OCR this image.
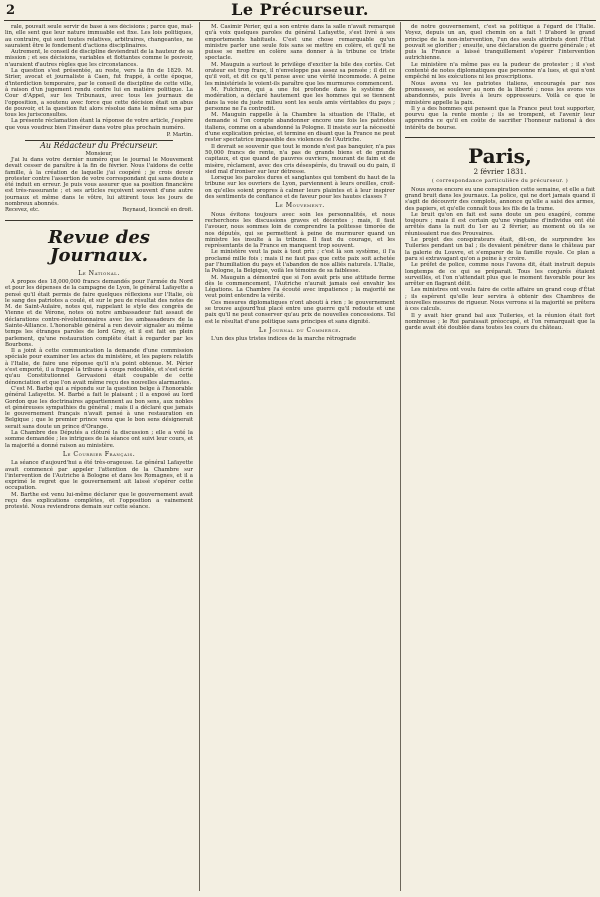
2	Le Précurseur.

rale, pouvait seule servir de base à ses décisions ; parce que, mal-lin, elle sent que leur nature immuable est fixe. Les lois politiques, au contraire, qui sont toutes relatives, arbitraires, changeantes, ne sauraient être le fondement d'actions disciplinaires.

Autrement, le conseil de discipline deviendrait de la hauteur de sa mission ; et ses décisions, variables et flottantes comme le pouvoir, n'auraient d'autres règles que les circonstances.

La question s'est présentée, au reste, vers la fin de 1829. M. Sirier, avocat et journaliste à Caen, fut frappé, à cette époque, d'interdiction temporaire, par le conseil de discipline de cette ville, à raison d'un jugement rendu contre lui en matière politique. La Cour d'Appel, sur les Tribunaux, avec tous les journaux de l'opposition, a soutenu avec force que cette décision était un abus de pouvoir, et la question fut alors résolue dans le même sens par tous les jurisconsultes.

La présente réclamation étant la réponse de votre article, j'espère que vous voudrez bien l'insérer dans votre plus prochain numéro.

P. Martin.
Au Rédacteur du Précurseur.

Monsieur,

J'ai lu dans votre dernier numéro que le journal le Mouvement devait cesser de paraître à la fin de février. Nous l'aidons de cette famille, à la création de laquelle j'ai coopéré ; je crois devoir protester contre l'assertion de votre correspondant qui sans doute a été induit en erreur. Je puis vous assurer que sa position financière est très-rassurante ; et ses articles reçoivent souvent d'une autre journaux et même dans le vôtre, lui attirent tous les jours de nombreux abonnés.

Recevez, etc.	Reynaud, licencié en droit.
Revue des Journaux.
Le National.

A propos des 18,000,000 francs demandés pour l'armée du Nord et pour les dépenses de la campagne de Lyon, le général Lafayette a pensé qu'il était permis de faire quelques réflexions sur l'Italie, où le sang des patriotes a coulé, et sur le peu de résultat des notes de M. de Saint-Aulaire, notes qui, rappelant le style des congrès de Vienne et de Vérone, notes où notre ambassadeur fait assaut de déclarations contre-révolutionnaires avec les ambassadeurs de la Sainte-Alliance. L'honorable général a ren devoir signaler au même temps les étranges paroles de lord Grey, et il est fait en plein parlement, qu'une restauration complète était à regarder par les Bourbons.

Il a joint à cette communication la demande d'une commission spéciale pour examiner les actes du ministère, et les papiers relatifs à l'Italie, de faire une réponse qu'il n'a point obtenue. M. Périer s'est emporté, il a frappé la tribune à coups redoublés, et s'est écrié qu'au Constitutionnel Gervasioni était coupable de cette dénonciation et que l'on avait même reçu des nouvelles alarmantes.

C'est M. Barbé qui a répondu sur la question belge à l'honorable général Lafayette. M. Barbé a fait le plaisant ; il a exposé au lord Gordon que les doctrinaires appartiennent au bon sens, aux nobles et généreuses sympathies du général ; mais il a déclaré que jamais le gouvernement français n'avait pensé à une restauration en Belgique ; que le premier prince venu que le bon sens désignerait serait sans doute un prince d'Orange.

La Chambre des Députés a clôturé la discussion ; elle a voté la somme demandée ; les intrigues de la séance ont suivi leur cours, et la majorité a donné raison au ministère.

Le Courrier Français.

La séance d'aujourd'hui a été très-orageuse. Le général Lafayette avait commencé par appeler l'attention de la Chambre sur l'intervention de l'Autriche à Bologne et dans les Romagnes, et il a exprimé le regret que le gouvernement ait laissé s'opérer cette occupation.

M. Barthe est venu lui-même déclarer que le gouvernement avait reçu des explications complètes, et l'opposition a vainement protesté. Nous reviendrons demain sur cette séance.

M. Casimir Périer, qui a son entrée dans la salle n'avait remarqué qu'à voix quelques paroles du général Lafayette, s'est livré à ses emportements habituels. C'est une chose remarquable qu'un ministre parler une seule fois sans se mettre en colère, et qu'il ne puisse se mettre en colère sans donner à la tribune ce triste spectacle.

M. Mauguin a surtout le privilège d'exciter la bile des cortès. Cet orateur est trop franc, il n'enveloppe pas assez sa pensée ; il dit ce qu'il voit, et dit ce qu'il pense avec une vérité incommode. A peine les ministériels le voient-ils paraître que les murmures commencent.

M. Fulchiron, qui a une foi profonde dans le système de modération, a déclaré hautement que les hommes qui se tiennent dans la voie du juste milieu sont les seuls amis véritables du pays ; personne ne l'a contredit.

M. Mauguin rappelle à la Chambre la situation de l'Italie, et demande si l'on compte abandonner encore une fois les patriotes italiens, comme on a abandonné la Pologne. Il insiste sur la nécessité d'une explication précise, et termine en disant que la France ne peut rester spectatrice impassible des violences de l'Autriche.

Il devrait se souvenir que tout le monde n'est pas banquier, n'a pas 50,000 francs de rente, n'a pas de grands biens et de grands capitaux, et que quand de pauvres ouvriers, mourant de faim et de misère, réclament, avec des cris désespérés, du travail ou du pain, il sied mal d'ironiser sur leur détresse.

Lorsque les paroles dures et sanglantes qui tombent du haut de la tribune sur les ouvriers de Lyon, parviennent à leurs oreilles, croit-on qu'elles soient propres à calmer leurs plaintes et à leur inspirer des sentiments de confiance et de faveur pour les hautes classes ?

Le Mouvement.

Nous évitons toujours avec soin les personnalités, et nous recherchons les discussions graves et décentes ; mais, il faut l'avouer, nous sommes loin de comprendre la politesse timorée de nos députés, qui se permettent à peine de murmurer quand un ministre les insulte à la tribune. Il faut du courage, et les représentants de la France en manquent trop souvent.

Le ministère veut la paix à tout prix ; c'est là son système, il l'a proclamé mille fois ; mais il ne faut pas que cette paix soit achetée par l'humiliation du pays et l'abandon de nos alliés naturels. L'Italie, la Pologne, la Belgique, voilà les témoins de sa faiblesse.

M. Mauguin a démontré que si l'on avait pris une attitude ferme dès le commencement, l'Autriche n'aurait jamais osé envahir les Légations. La Chambre l'a écouté avec impatience ; la majorité ne veut point entendre la vérité.

Ces mesures diplomatiques n'ont abouti à rien ; le gouvernement se trouve aujourd'hui placé entre une guerre qu'il redoute et une paix qu'il ne peut conserver qu'au prix de nouvelles concessions. Tel est le résultat d'une politique sans principes et sans dignité.

Le Journal du Commerce.

L'un des plus tristes indices de la marche rétrograde

de notre gouvernement, c'est sa politique à l'égard de l'Italie. Voyez, depuis un an, quel chemin on a fait ! D'abord le grand principe de la non-intervention, l'un des seuls attributs dont l'État pouvait se glorifier ; ensuite, une déclaration de guerre générale ; et puis la France a laissé tranquillement s'opérer l'intervention autrichienne.

Le ministère n'a même pas eu la pudeur de protester ; il s'est contenté de notes diplomatiques que personne n'a lues, et qui n'ont empêché ni les exécutions ni les proscriptions.

Nous avons vu les patriotes italiens, encouragés par nos promesses, se soulever au nom de la liberté ; nous les avons vus abandonnés, puis livrés à leurs oppresseurs. Voilà ce que le ministère appelle la paix.

Il y a des hommes qui pensent que la France peut tout supporter, pourvu que la rente monte ; ils se trompent, et l'avenir leur apprendra ce qu'il en coûte de sacrifier l'honneur national à des intérêts de bourse.

Paris,
2 février 1831.
( correspondance particulière du précurseur. )

Nous avons encore eu une conspiration cette semaine, et elle a fait grand bruit dans les journaux. La police, qui ne dort jamais quand il s'agit de découvrir des complots, annonce qu'elle a saisi des armes, des papiers, et qu'elle connaît tous les fils de la trame.

Le bruit qu'on en fait est sans doute un peu exagéré, comme toujours ; mais il est certain qu'une vingtaine d'individus ont été arrêtés dans la nuit du 1er au 2 février, au moment où ils se réunissaient rue des Prouvaires.

Le projet des conspirateurs était, dit-on, de surprendre les Tuileries pendant un bal ; ils devaient pénétrer dans le château par la galerie du Louvre, et s'emparer de la famille royale. Ce plan a paru si extravagant qu'on a peine à y croire.

Le préfet de police, comme nous l'avons dit, était instruit depuis longtemps de ce qui se préparait. Tous les conjurés étaient surveillés, et l'on n'attendait plus que le moment favorable pour les arrêter en flagrant délit.

Les ministres ont voulu faire de cette affaire un grand coup d'État ; ils espèrent qu'elle leur servira à obtenir des Chambres de nouvelles mesures de rigueur. Nous verrons si la majorité se prêtera à ces calculs.

Il y avait hier grand bal aux Tuileries, et la réunion était fort nombreuse ; le Roi paraissait préoccupé, et l'on remarquait que la garde avait été doublée dans toutes les cours du château.
